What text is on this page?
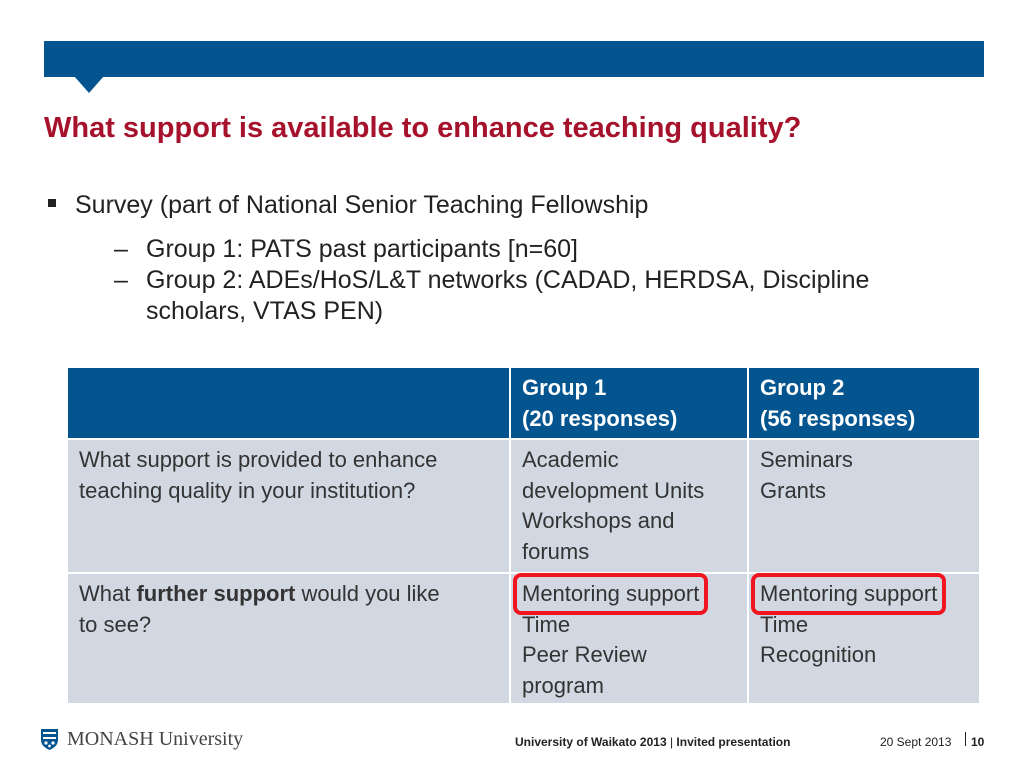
What support is available to enhance teaching quality?
Survey (part of National Senior Teaching Fellowship
– Group 1: PATS past participants [n=60]
– Group 2: ADEs/HoS/L&T networks (CADAD, HERDSA, Discipline
scholars, VTAS PEN)

	Group 1
(20 responses)	Group 2
(56 responses)

What support is provided to enhance
teaching quality in your institution?	Academic
development Units
Workshops and
forums	Seminars
Grants

What further support would you like
to see?	Mentoring support
Time
Peer Review
program	Mentoring support
Time
Recognition
MONASH University	University of Waikato 2013 | Invited presentation	20 Sept 2013 10
